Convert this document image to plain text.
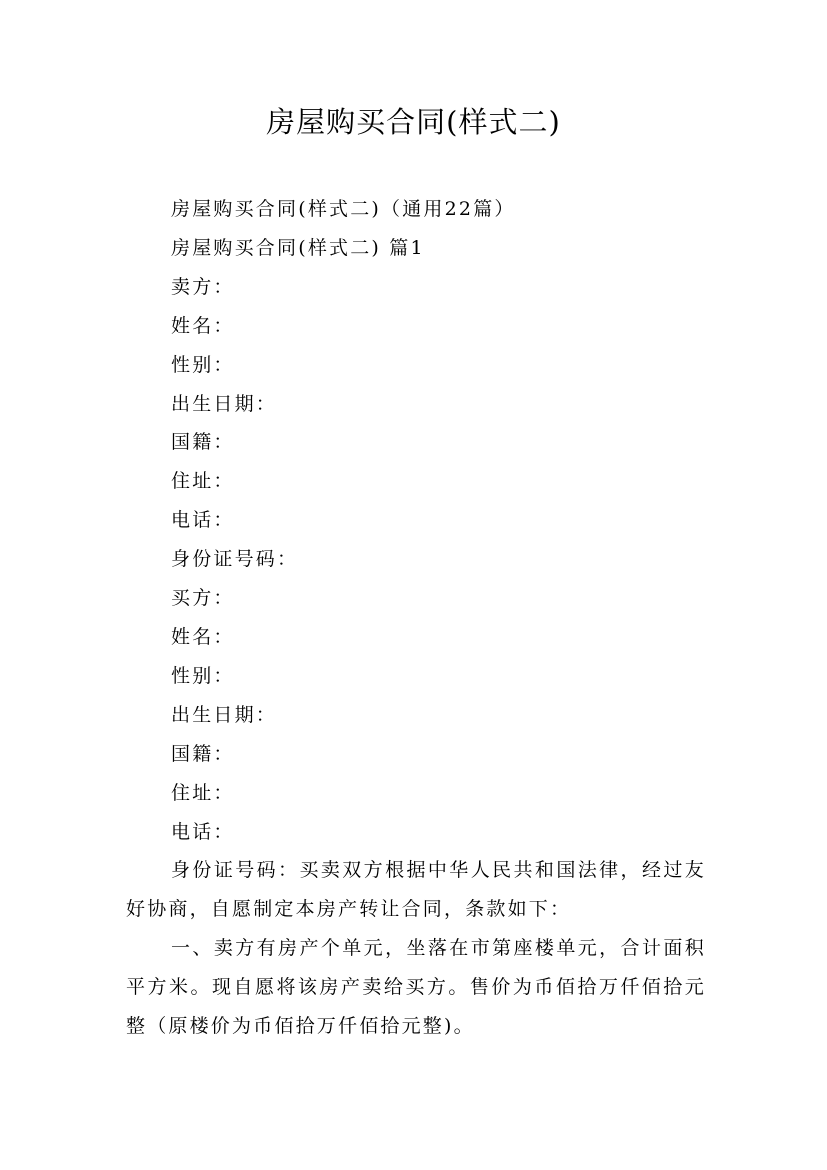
房屋购买合同(样式二)

房屋购买合同(样式二)（通用22篇）

房屋购买合同(样式二) 篇1

卖方：

姓名：

性别：

出生日期：

国籍：

住址：

电话：

身份证号码：

买方：

姓名：

性别：

出生日期：

国籍：

住址：

电话：

身份证号码：买卖双方根据中华人民共和国法律，经过友好协商，自愿制定本房产转让合同，条款如下：

一、卖方有房产个单元，坐落在市第座楼单元，合计面积平方米。现自愿将该房产卖给买方。售价为币佰拾万仟佰拾元整（原楼价为币佰拾万仟佰拾元整)。
